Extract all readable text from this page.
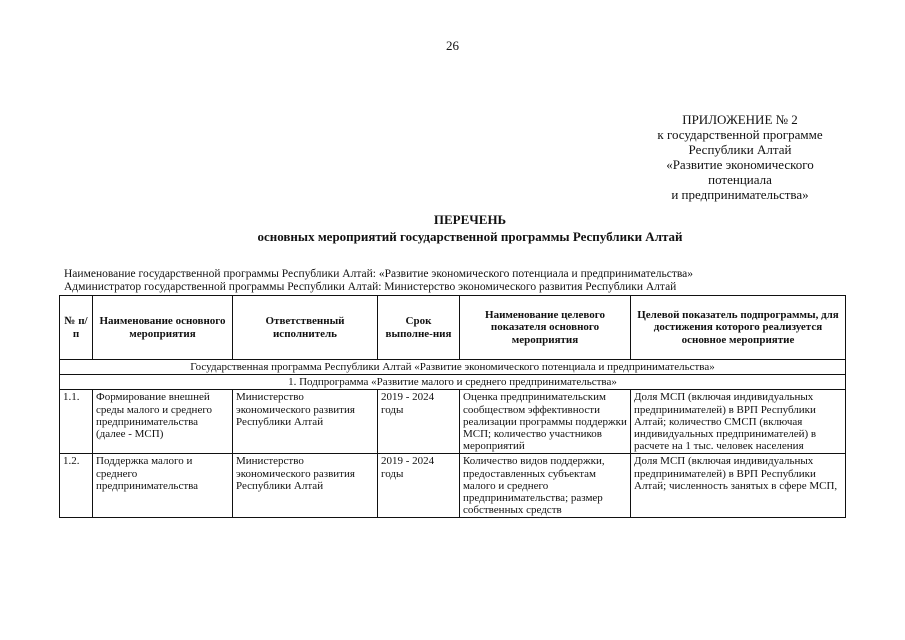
26
ПРИЛОЖЕНИЕ № 2
к государственной программе
Республики Алтай
«Развитие экономического
потенциала
и предпринимательства»
ПЕРЕЧЕНЬ
основных мероприятий государственной программы Республики Алтай
Наименование государственной программы Республики Алтай: «Развитие экономического потенциала и предпринимательства»
Администратор государственной программы Республики Алтай: Министерство экономического развития Республики Алтай
№ п/п	Наименование основного мероприятия	Ответственный исполнитель	Срок выполне-ния	Наименование целевого показателя основного мероприятия	Целевой показатель подпрограммы, для достижения которого реализуется основное мероприятие
Государственная программа Республики Алтай «Развитие экономического потенциала и предпринимательства»					
1. Подпрограмма «Развитие малого и среднего предпринимательства»					
1.1.	Формирование внешней среды малого и среднего предпринимательства (далее - МСП)	Министерство экономического развития Республики Алтай	2019 - 2024 годы	Оценка предпринимательским сообществом эффективности реализации программы поддержки МСП; количество участников мероприятий	Доля МСП (включая индивидуальных предпринимателей) в ВРП Республики Алтай; количество СМСП (включая индивидуальных предпринимателей) в расчете на 1 тыс. человек населения
1.2.	Поддержка малого и среднего предпринимательства	Министерство экономического развития Республики Алтай	2019 - 2024 годы	Количество видов поддержки, предоставленных субъектам малого и среднего предпринимательства; размер собственных средств	Доля МСП (включая индивидуальных предпринимателей) в ВРП Республики Алтай; численность занятых в сфере МСП,
